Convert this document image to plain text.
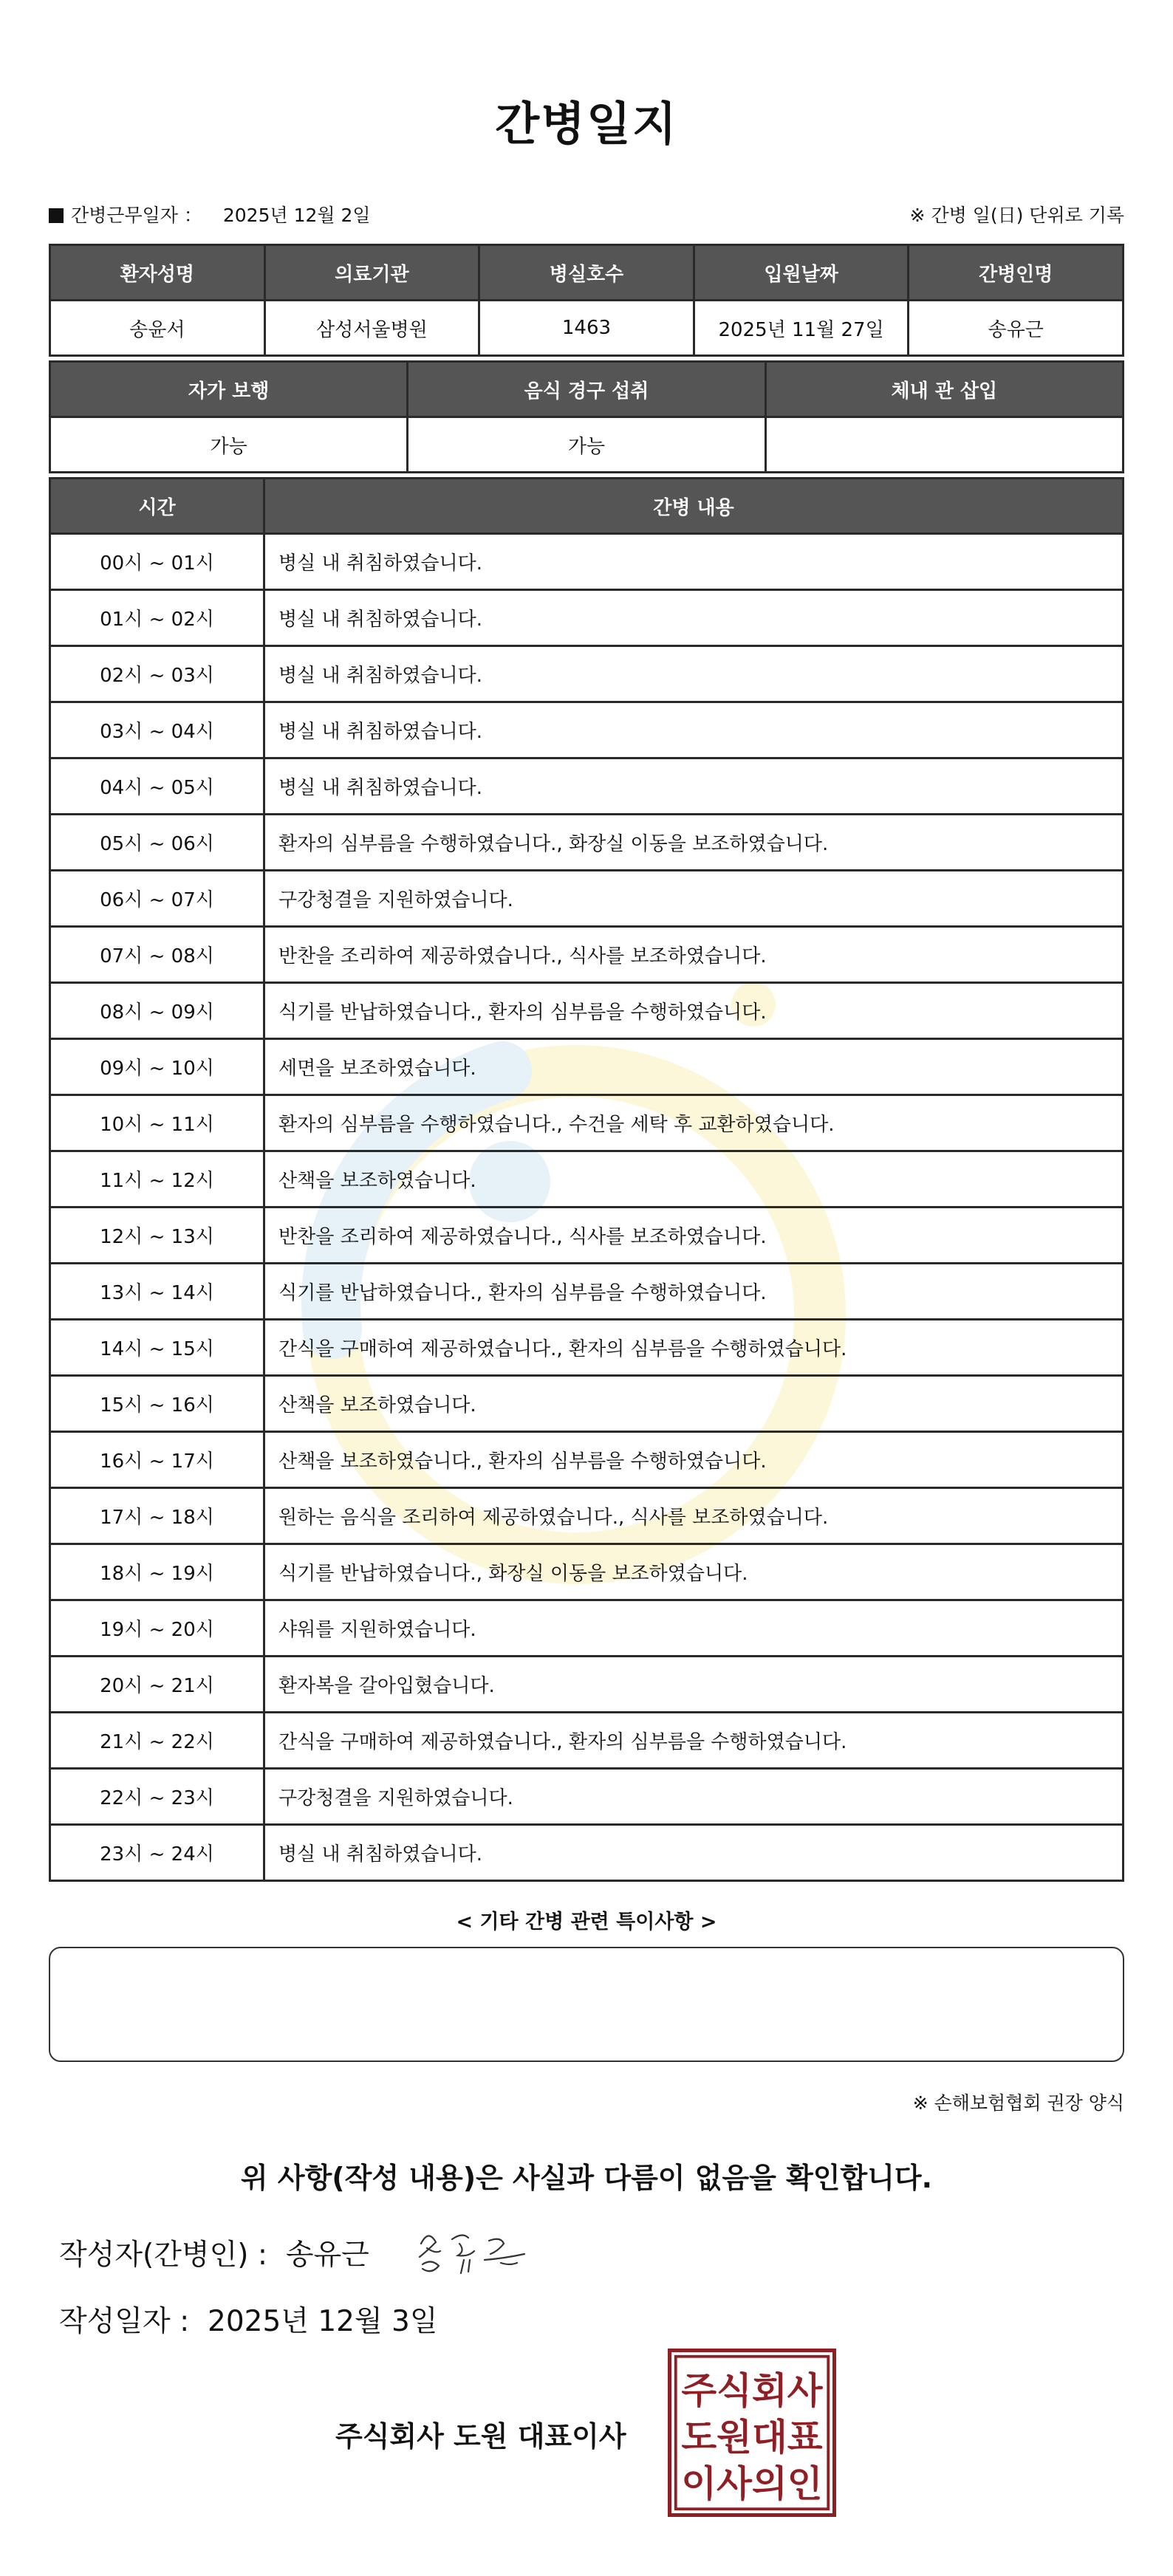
간병일지
간병근무일자 ： 2025년 12월 2일	※ 간병 일(日) 단위로 기록
환자성명	의료기관	병실호수	입원날짜	간병인명
송윤서	삼성서울병원	1463	2025년 11월 27일	송유근
자가 보행	음식 경구 섭취	체내 관 삽입
가능	가능	
시간	간병 내용
00시 ~ 01시	병실 내 취침하였습니다.
01시 ~ 02시	병실 내 취침하였습니다.
02시 ~ 03시	병실 내 취침하였습니다.
03시 ~ 04시	병실 내 취침하였습니다.
04시 ~ 05시	병실 내 취침하였습니다.
05시 ~ 06시	환자의 심부름을 수행하였습니다., 화장실 이동을 보조하였습니다.
06시 ~ 07시	구강청결을 지원하였습니다.
07시 ~ 08시	반찬을 조리하여 제공하였습니다., 식사를 보조하였습니다.
08시 ~ 09시	식기를 반납하였습니다., 환자의 심부름을 수행하였습니다.
09시 ~ 10시	세면을 보조하였습니다.
10시 ~ 11시	환자의 심부름을 수행하였습니다., 수건을 세탁 후 교환하였습니다.
11시 ~ 12시	산책을 보조하였습니다.
12시 ~ 13시	반찬을 조리하여 제공하였습니다., 식사를 보조하였습니다.
13시 ~ 14시	식기를 반납하였습니다., 환자의 심부름을 수행하였습니다.
14시 ~ 15시	간식을 구매하여 제공하였습니다., 환자의 심부름을 수행하였습니다.
15시 ~ 16시	산책을 보조하였습니다.
16시 ~ 17시	산책을 보조하였습니다., 환자의 심부름을 수행하였습니다.
17시 ~ 18시	원하는 음식을 조리하여 제공하였습니다., 식사를 보조하였습니다.
18시 ~ 19시	식기를 반납하였습니다., 화장실 이동을 보조하였습니다.
19시 ~ 20시	샤워를 지원하였습니다.
20시 ~ 21시	환자복을 갈아입혔습니다.
21시 ~ 22시	간식을 구매하여 제공하였습니다., 환자의 심부름을 수행하였습니다.
22시 ~ 23시	구강청결을 지원하였습니다.
23시 ~ 24시	병실 내 취침하였습니다.
< 기타 간병 관련 특이사항 >
※ 손해보험협회 권장 양식
위 사항(작성 내용)은 사실과 다름이 없음을 확인합니다.
작성자(간병인) : 송유근
작성일자 : 2025년 12월 3일
주식회사 도원 대표이사
주식회사
도원대표
이사의인
